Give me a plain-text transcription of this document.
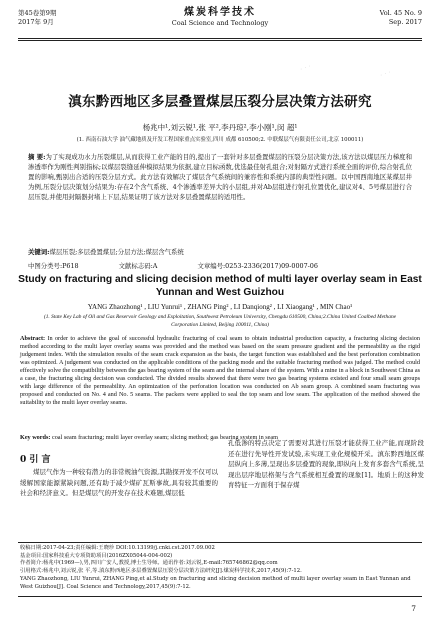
第45卷第9期
2017年 9月
煤炭科学技术
Coal Science and Technology
Vol. 45 No. 9
Sep. 2017
· · ·
· · ·
滇东黔西地区多层叠置煤层压裂分层决策方法研究
杨兆中¹,刘云锐¹,张 平²,李丹琼²,李小刚¹,闵 超¹
(1. 西南石油大学 油气藏地质及开发工程国家重点实验室,四川 成都 610500;2. 中联煤层气有限责任公司,北京 100011)
摘 要:为了实现成功水力压裂煤层,从而获得工业产能的目的,提出了一套针对多层叠置煤层的压裂分层决策方法,该方法以煤层压力梯度和渗透率作为刚性判别指标;以煤层裂缝延伸模拟结果为依据,建立目标函数,优选最佳射孔组合;对射隔方式进行系统全面的评价,综合射孔位置的影响,甄别出合适的压裂分层方式。此方法有效解决了煤层含气系统间的兼容性和系统内部的典型性问题。以中国西南地区某煤层井为例,压裂分层决策划分结果为:存在2个含气系统、4个渗透率差异大的小层组,并对Ab层组进行射孔位置优化,建议对4、5号煤层进行合层压裂,并使用封隔器封堵上下层,结果证明了该方法对多层叠置煤层的适用性。
关键词:煤层压裂;多层叠置煤层;分层方法;煤层含气系统
中图分类号:P618	文献标志码:A	文章编号:0253-2336(2017)09-0007-06
Study on fracturing and slicing decision method of multi layer overlay seam in East Yunnan and West Guizhou
YANG Zhaozhong¹ , LIU Yunrui¹ , ZHANG Ping² , LI Danqiong² , LI Xiaogang¹ , MIN Chao¹
(1. State Key Lab of Oil and Gas Reservoir Geology and Exploitation, Southwest Petroleum University, Chengdu 610500, China;2.China United Coalbed Methane Corporation Limited, Beijing 100011, China)
Abstract: In order to achieve the goal of successful hydraulic fracturing of coal seam to obtain industrial production capacity, a fracturing slicing decision method according to the multi layer overlay seams was provided and the method was based on the seam pressure gradient and the permeability as the rigid judgement index. With the simulation results of the seam crack expansion as the basis, the target function was established and the best perforation combination was optimized. A judgement was conducted on the applicable conditions of the packing mode and the suitable fracturing method was judged. The method could effectively solve the compatibility between the gas bearing system of the seam and the internal share of the system. With a mine in a block in Southwest China as a case, the fracturing slicing decision was conducted. The divided results showed that there were two gas bearing systems existed and four small seam groups with large difference of the permeability. An optimization of the perforation location was conducted on Ab seam group. A combined seam fracturing was proposed and conducted on No. 4 and No. 5 seams. The packers were applied to seal the top seam and low seam. The application of the method showed the suitability to the multi layer overlay seams.
Key words: coal seam fracturing; multi layer overlay seam; slicing method; gas bearing system in seam
0 引 言
煤层气作为一种较有潜力的非常规油气资源,其勘探开发不仅可以缓解国家能源紧缺问题,还有助于减少煤矿瓦斯事故,具有较其重要的社会和经济意义。但是煤层气的开发存在技术难题,煤层低
孔低渗的特点决定了需要对其进行压裂才能获得工业产能,而现阶段还在进行先导性开发试验,未实现工业化规模开采。滇东黔西地区煤层纵向上多薄,呈现出多层叠置的现象,即纵向上发育多套含气系统,呈现出层序地层格架与含气系统相互叠置的现象[1]。地质上的这种发育特征一方面利于保存煤
收稿日期:2017-04-23;责任编辑:王晓珍 DOI:10.13199/j.cnki.cst.2017.09.002
基金项目:国家科技重大专项资助项目(2016ZX05044-004-002)
作者简介:杨兆中(1969—),男,四川广安人,教授,博士生导师。通讯作者:刘云锐,E-mail:765746862@qq.com
引用格式:杨兆中,刘云锐,张 平,等.滇东黔西地区多层叠置煤层压裂分层决策方法研究[J].煤炭科学技术,2017,45(9):7-12.
YANG Zhaozhong, LIU Yunrui, ZHANG Ping,et al.Study on fracturing and slicing decision method of multi layer overlay seam in East Yunnan and West Guizhou[J]. Coal Science and Technology,2017,45(9):7-12.
7
